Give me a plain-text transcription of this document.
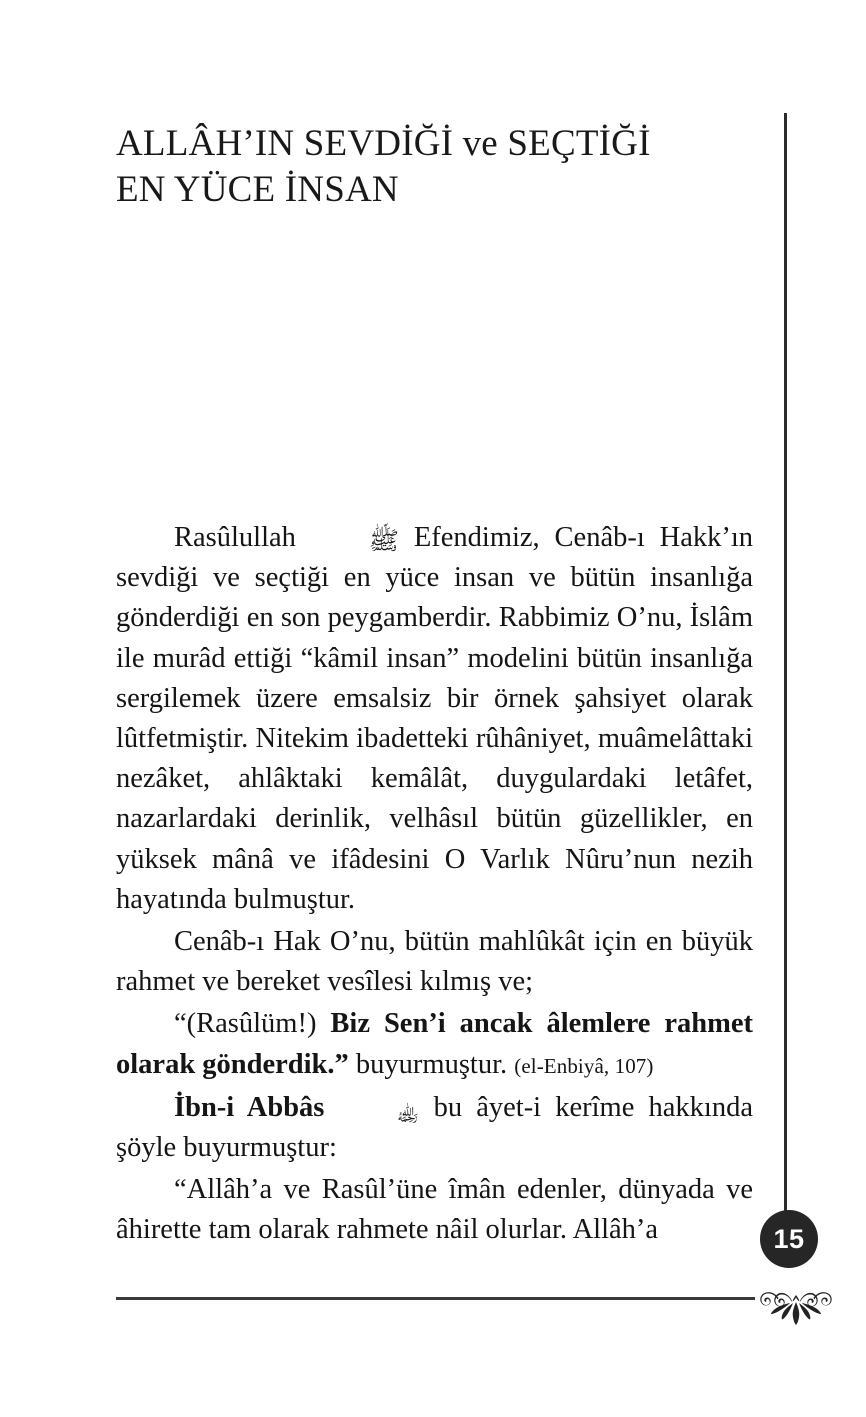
ALLÂH’IN SEVDİĞİ ve SEÇTİĞİ
EN YÜCE İNSAN

Rasûlullah ﷺ Efendimiz, Cenâb-ı Hakk’ın sevdiği ve seçtiği en yüce insan ve bütün insanlığa gönderdiği en son peygamberdir. Rabbimiz O’nu, İslâm ile murâd ettiği “kâmil insan” modelini bütün insanlığa sergilemek üzere emsalsiz bir örnek şahsiyet olarak lûtfetmiştir. Nitekim ibadetteki rûhâniyet, muâmelâttaki nezâket, ahlâktaki kemâlât, duygulardaki letâfet, nazarlardaki derinlik, velhâsıl bütün güzellikler, en yüksek mânâ ve ifâdesini O Varlık Nûru’nun nezih hayatında bulmuştur.

Cenâb-ı Hak O’nu, bütün mahlûkât için en büyük rahmet ve bereket vesîlesi kılmış ve;

“(Rasûlüm!) Biz Sen’i ancak âlemlere rahmet olarak gönderdik.” buyurmuştur. (el-Enbiyâ, 107)

İbn-i Abbâs	﵀ bu âyet-i kerîme hakkında şöyle buyurmuştur:

“Allâh’a ve Rasûl’üne îmân edenler, dünyada ve âhirette tam olarak rahmete nâil olurlar. Allâh’a	15
